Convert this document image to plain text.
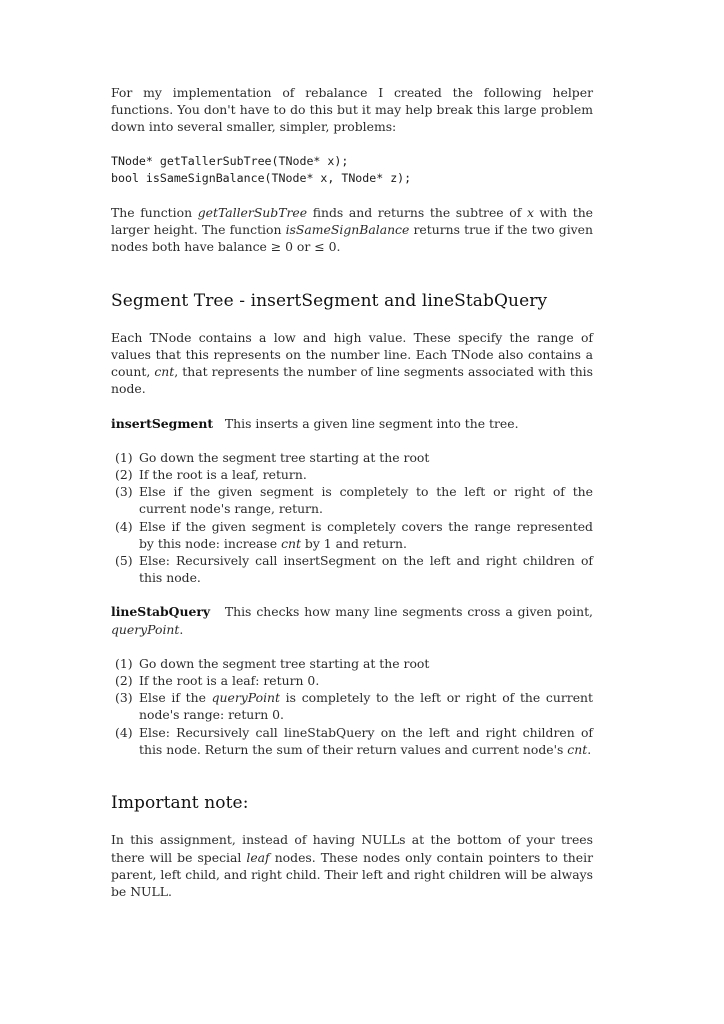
For my implementation of rebalance I created the following helper functions. You don't have to do this but it may help break this large problem down into several smaller, simpler, problems:

TNode* getTallerSubTree(TNode* x);
bool isSameSignBalance(TNode* x, TNode* z);

The function getTallerSubTree finds and returns the subtree of x with the larger height. The function isSameSignBalance returns true if the two given nodes both have balance ≥ 0 or ≤ 0.

Segment Tree - insertSegment and lineStabQuery

Each TNode contains a low and high value. These specify the range of values that this represents on the number line. Each TNode also contains a count, cnt, that represents the number of line segments associated with this node.

insertSegment This inserts a given line segment into the tree.

(1) Go down the segment tree starting at the root
(2) If the root is a leaf, return.
(3) Else if the given segment is completely to the left or right of the current node's range, return.
(4) Else if the given segment is completely covers the range represented by this node: increase cnt by 1 and return.
(5) Else: Recursively call insertSegment on the left and right children of this node.

lineStabQuery This checks how many line segments cross a given point, queryPoint.

(1) Go down the segment tree starting at the root
(2) If the root is a leaf: return 0.
(3) Else if the queryPoint is completely to the left or right of the current node's range: return 0.
(4) Else: Recursively call lineStabQuery on the left and right children of this node. Return the sum of their return values and current node's cnt.
Important note:

In this assignment, instead of having NULLs at the bottom of your trees there will be special leaf nodes. These nodes only contain pointers to their parent, left child, and right child. Their left and right children will be always be NULL.
